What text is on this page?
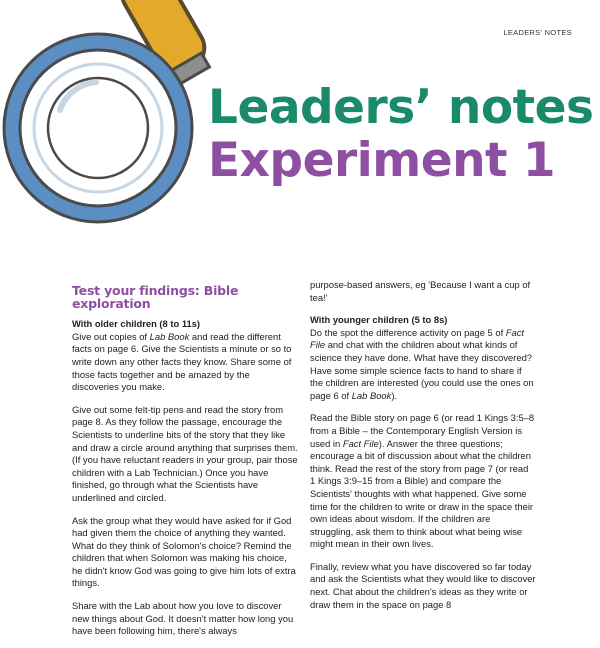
LEADERS' NOTES
Leaders’ notes
Experiment 1
Test your findings: Bible exploration

With older children (8 to 11s)

Give out copies of Lab Book and read the different facts on page 6. Give the Scientists a minute or so to write down any other facts they know. Share some of those facts together and be amazed by the discoveries you make.

Give out some felt-tip pens and read the story from page 8. As they follow the passage, encourage the Scientists to underline bits of the story that they like and draw a circle around anything that surprises them. (If you have reluctant readers in your group, pair those children with a Lab Technician.) Once you have finished, go through what the Scientists have underlined and circled.

Ask the group what they would have asked for if God had given them the choice of anything they wanted. What do they think of Solomon's choice? Remind the children that when Solomon was making his choice, he didn't know God was going to give him lots of extra things.

Share with the Lab about how you love to discover new things about God. It doesn't matter how long you have been following him, there's always

purpose-based answers, eg 'Because I want a cup of tea!'

With younger children (5 to 8s)

Do the spot the difference activity on page 5 of Fact File and chat with the children about what kinds of science they have done. What have they discovered? Have some simple science facts to hand to share if the children are interested (you could use the ones on page 6 of Lab Book).

Read the Bible story on page 6 (or read 1 Kings 3:5–8 from a Bible – the Contemporary English Version is used in Fact File). Answer the three questions; encourage a bit of discussion about what the children think. Read the rest of the story from page 7 (or read 1 Kings 3:9–15 from a Bible) and compare the Scientists' thoughts with what happened. Give some time for the children to write or draw in the space their own ideas about wisdom. If the children are struggling, ask them to think about what being wise might mean in their own lives.

Finally, review what you have discovered so far today and ask the Scientists what they would like to discover next. Chat about the children's ideas as they write or draw them in the space on page 8
